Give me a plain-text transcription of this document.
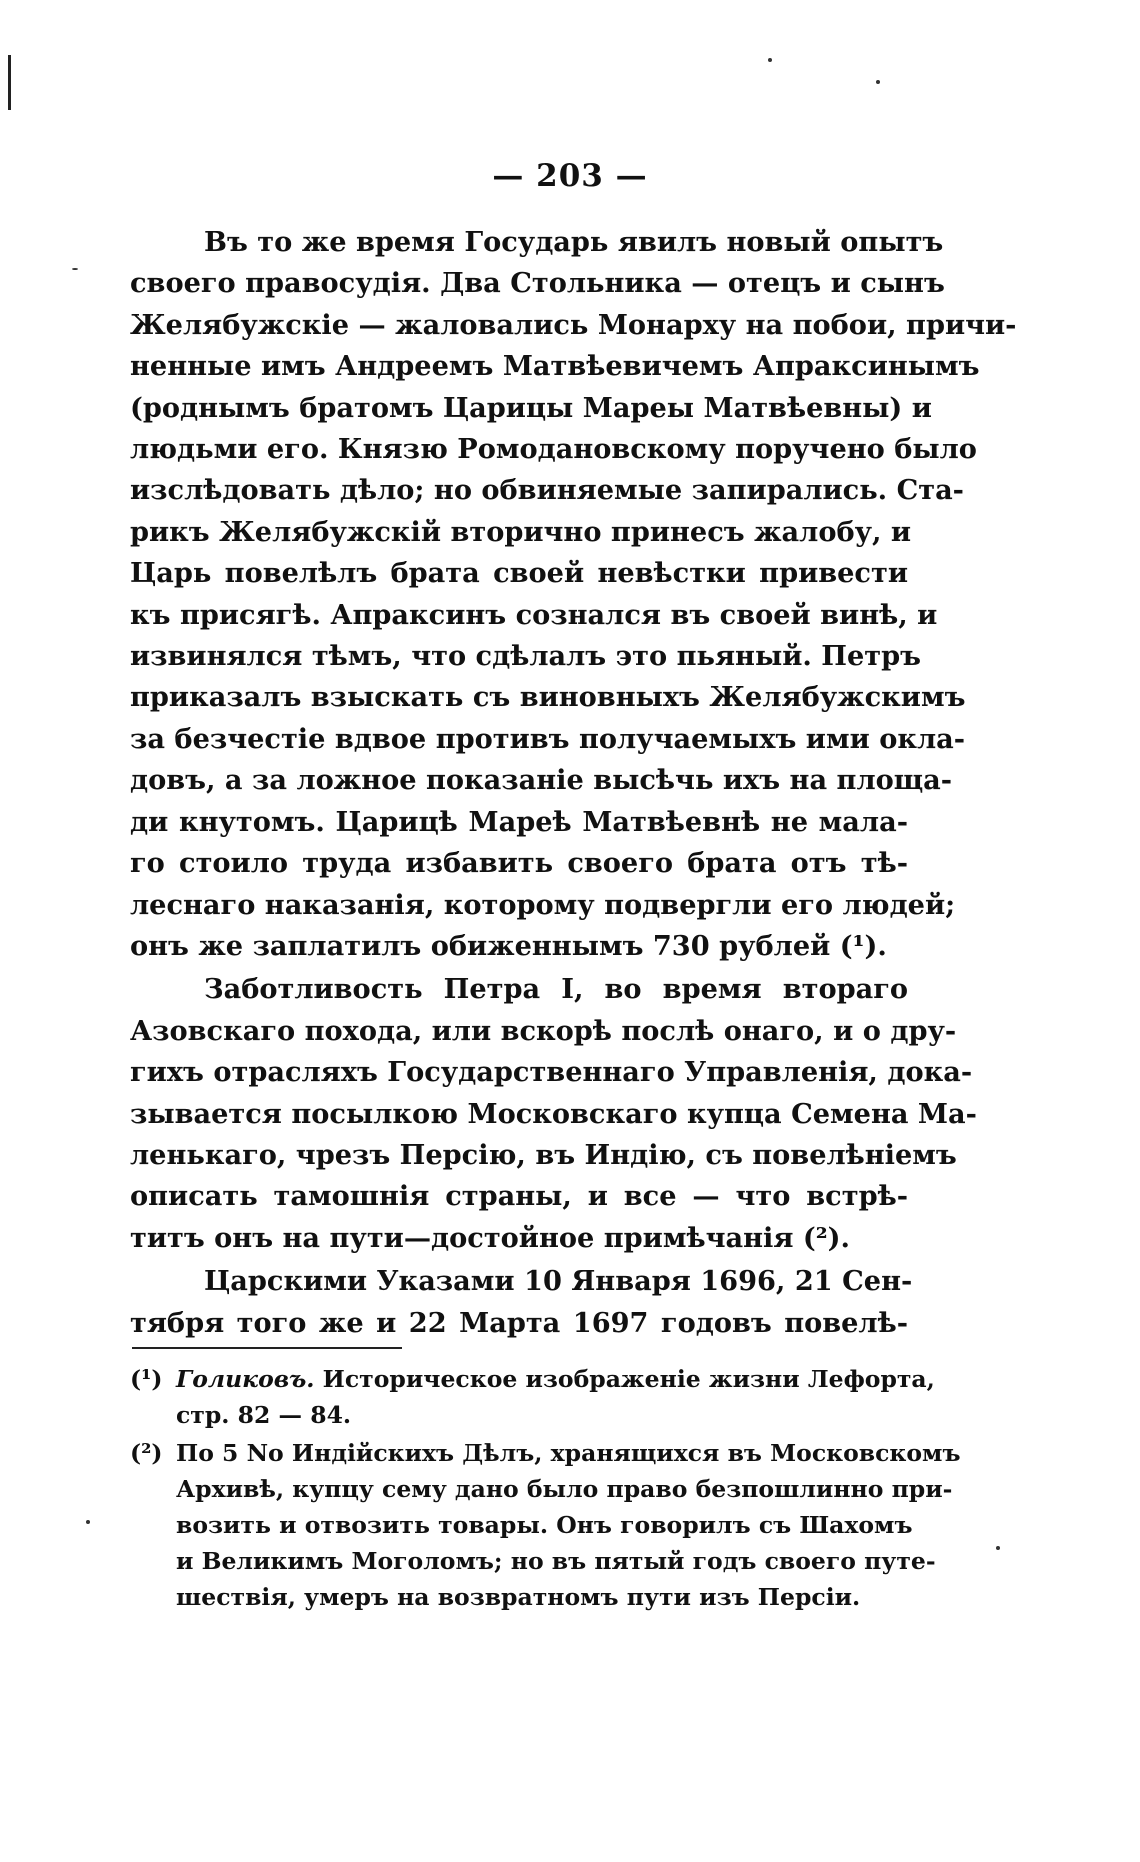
— 203 —
Въ то же время Государь явилъ новый опытъ
своего правосудія. Два Стольника — отецъ и сынъ
Желябужскіе — жаловались Монарху на побои, причи-
ненные имъ Андреемъ Матвѣевичемъ Апраксинымъ
(роднымъ братомъ Царицы Мареы Матвѣевны) и
людьми его. Князю Ромодановскому поручено было
изслѣдовать дѣло; но обвиняемые запирались. Ста-
рикъ Желябужскій вторично принесъ жалобу, и
Царь повелѣлъ брата своей невѣстки привести
къ присягѣ. Апраксинъ сознался въ своей винѣ, и
извинялся тѣмъ, что сдѣлалъ это пьяный. Петръ
приказалъ взыскать съ виновныхъ Желябужскимъ
за безчестіе вдвое противъ получаемыхъ ими окла-
довъ, а за ложное показаніе высѣчь ихъ на площа-
ди кнутомъ. Царицѣ Мареѣ Матвѣевнѣ не мала-
го стоило труда избавить своего брата отъ тѣ-
леснаго наказанія, которому подвергли его людей;
онъ же заплатилъ обиженнымъ 730 рублей (¹).
Заботливость Петра I, во время втораго
Азовскаго похода, или вскорѣ послѣ онаго, и о дру-
гихъ отрасляхъ Государственнаго Управленія, дока-
зывается посылкою Московскаго купца Семена Ма-
ленькаго, чрезъ Персію, въ Индію, съ повелѣніемъ
описать тамошнія страны, и все — что встрѣ-
титъ онъ на пути—достойное примѣчанія (²).
Царскими Указами 10 Января 1696, 21 Сен-
тября того же и 22 Марта 1697 годовъ повелѣ-
(¹) Голиковъ. Историческое изображеніе жизни Лефорта,
стр. 82 — 84.
(²) По 5 No Индійскихъ Дѣлъ, хранящихся въ Московскомъ
Архивѣ, купцу сему дано было право безпошлинно при-
возить и отвозить товары. Онъ говорилъ съ Шахомъ
и Великимъ Моголомъ; но въ пятый годъ своего путе-
шествія, умеръ на возвратномъ пути изъ Персіи.
